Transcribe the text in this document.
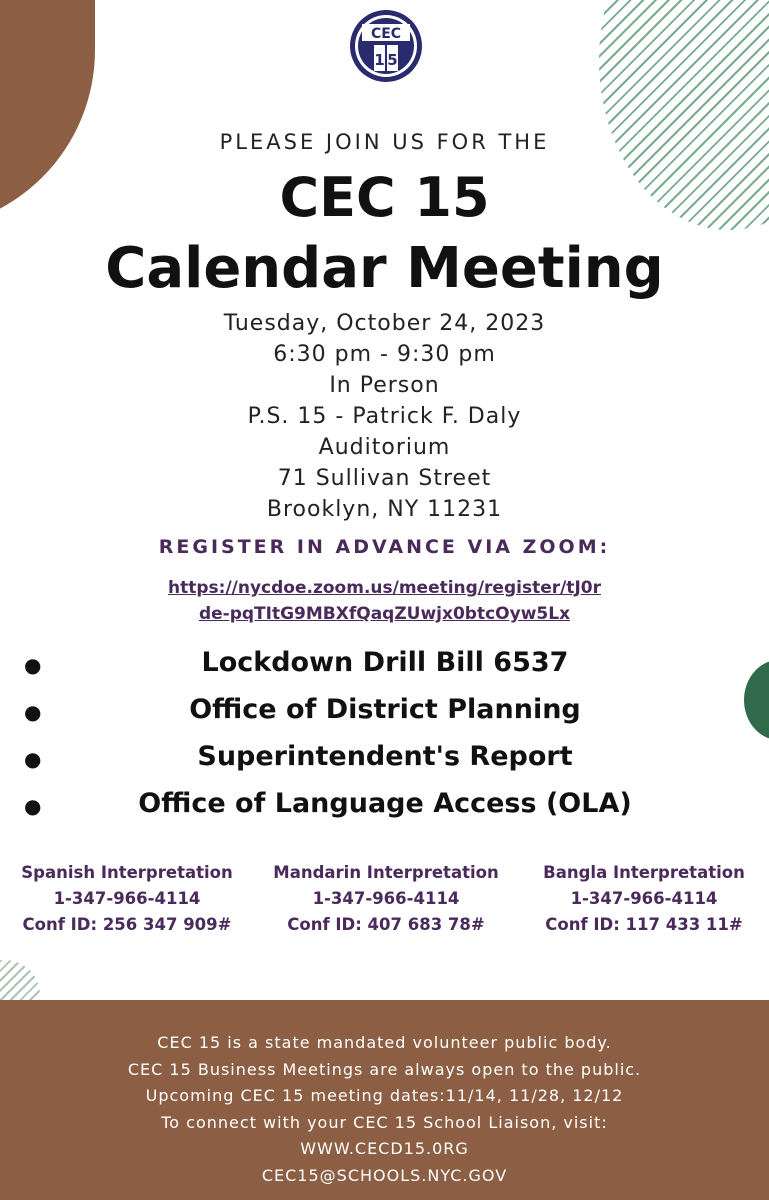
CEC
1 5
PLEASE JOIN US FOR THE
CEC 15
Calendar Meeting
Tuesday, October 24, 2023
6:30 pm - 9:30 pm
In Person
P.S. 15 - Patrick F. Daly
Auditorium
71 Sullivan Street
Brooklyn, NY 11231
REGISTER IN ADVANCE VIA ZOOM:
https://nycdoe.zoom.us/meeting/register/tJ0r
de-pqTItG9MBXfQaqZUwjx0btcOyw5Lx
●	Lockdown Drill Bill 6537
●	Office of District Planning
●	Superintendent's Report
●	Office of Language Access (OLA)
Spanish Interpretation
1-347-966-4114
Conf ID: 256 347 909#
Mandarin Interpretation
1-347-966-4114
Conf ID: 407 683 78#
Bangla Interpretation
1-347-966-4114
Conf ID: 117 433 11#
CEC 15 is a state mandated volunteer public body.
CEC 15 Business Meetings are always open to the public.
Upcoming CEC 15 meeting dates:11/14, 11/28, 12/12
To connect with your CEC 15 School Liaison, visit:
WWW.CECD15.0RG
CEC15@SCHOOLS.NYC.GOV
